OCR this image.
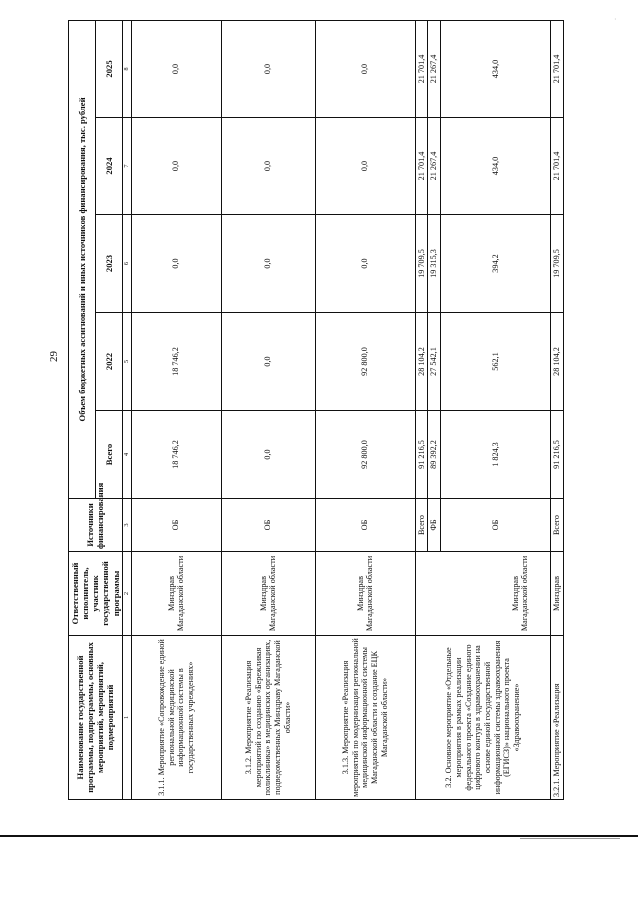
29
·
Наименование государственной программы, подпрограммы, основных мероприятий, мероприятий, подмероприятий	Ответственный исполнитель, участник государственной программы	Источники финансирования	Объем бюджетных ассигнований и иных источников финансирования, тыс. рублей				
			Всего	2022	2023	2024	2025
1	2	3	4	5	6	7	8
3.1.1. Мероприятие «Сопровождение единой региональной медицинской информационной системы в государственных учреждениях»	Минздрав Магаданской области	ОБ	18 746,2	18 746,2	0,0	0,0	0,0
3.1.2. Мероприятие «Реализация мероприятий по созданию «Бережливая поликлиника» в медицинских организациях, подведомственных Минздраву Магаданской области»	Минздрав Магаданской области	ОБ	0,0	0,0	0,0	0,0	0,0
3.1.3. Мероприятие «Реализация мероприятий по модернизации региональной медицинской информационной системы Магаданской области и создание ЕЦК Магаданской области»	Минздрав Магаданской области	ОБ	92 800,0	92 800,0	0,0	0,0	0,0
3.2. Основное мероприятие «Отдельные мероприятия в рамках реализации федерального проекта «Создание единого цифрового контура в здравоохранении на основе единой государственной информационной системы здравоохранения (ЕГИСЗ)» национального проекта «Здравоохранение»	Минздрав Магаданской области	Всего	91 216,5	28 104,2	19 709,5	21 701,4	21 701,4
		ФБ	89 392,2	27 542,1	19 315,3	21 267,4	21 267,4
		ОБ	1 824,3	562,1	394,2	434,0	434,0
3.2.1. Мероприятие «Реализация	Минздрав	Всего	91 216,5	28 104,2	19 709,5	21 701,4	21 701,4
